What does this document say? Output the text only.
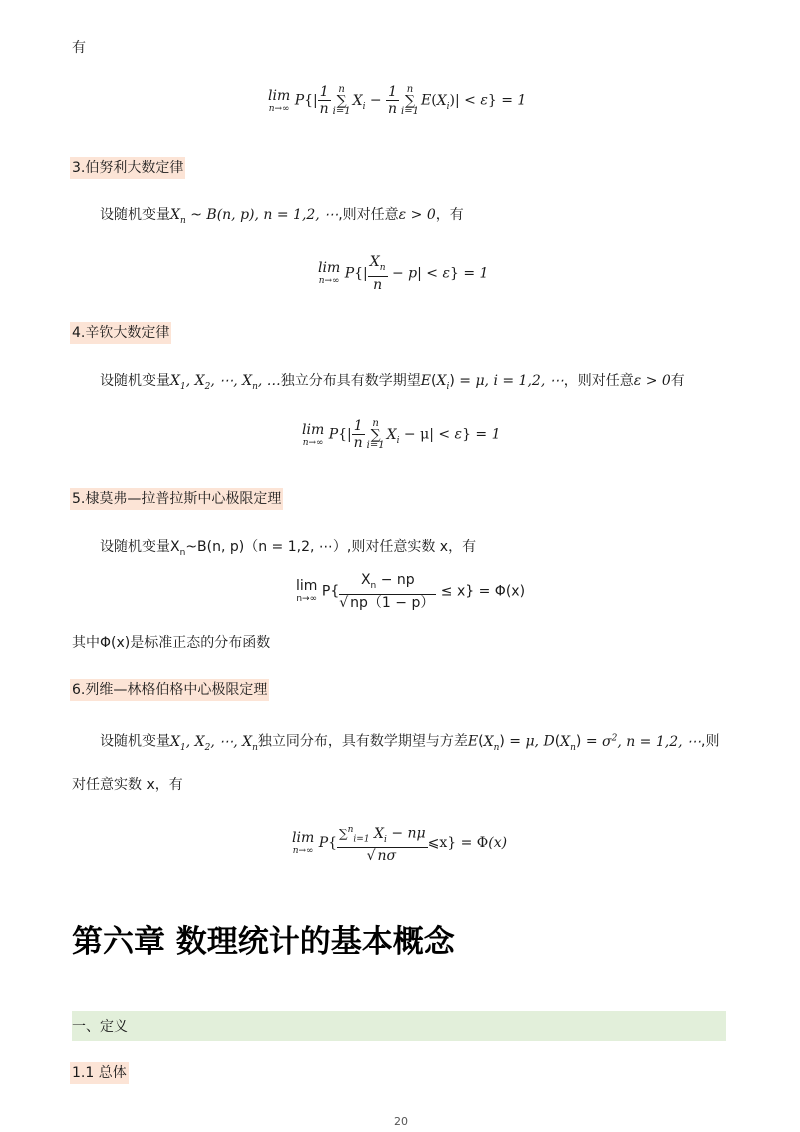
有
lim
n→∞ $P\{| \frac{1}{n}$ n
∑
i=1
$X_i - \frac{1}{n}$ n
∑
i=1
$E(X_i)| < \varepsilon\} = 1$
3.伯努利大数定律
设随机变量$X_n$ ~ B(n, p), n = 1,2, ⋯,则对任意ε > 0，有
lim
n→∞ $P\{| \frac{X_n}{n} - p| < \varepsilon\} = 1$
4.辛钦大数定律
设随机变量$X_1$, $X_2$, ⋯, $X_n$, …独立分布具有数学期望$E(X_i) = \mu$, i = 1,2, ⋯，则对任意ε > 0有
lim
n→∞ $P\{| \frac{1}{n}$ n
∑
i=1
$X_i - \mu| < \varepsilon\} = 1$
5.棣莫弗—拉普拉斯中心极限定理
设随机变量$X_n\sim B(n$, p)（n = 1,2, ⋯）,则对任意实数 x，有
lim
n→∞ $P\{ \frac{X_n - np}{√ np(1 - p)} \le x\} = \Phi(x)$
其中Φ(x)是标准正态的分布函数
6.列维—林格伯格中心极限定理
设随机变量$X_1$, $X_2$, ⋯, $X_n$独立同分布，具有数学期望与方差$E(X_n) = \mu$, $D(X_n) = \sigma^2$, n = 1,2, ⋯,则
对任意实数 x，有
lim
n→∞ $P\{ \frac{\sum^n_{i=1} X_i - n\mu}{√ n\sigma}$ ⩽x} = Φ(x)
第六章 数理统计的基本概念
一、定义
1.1 总体
20
